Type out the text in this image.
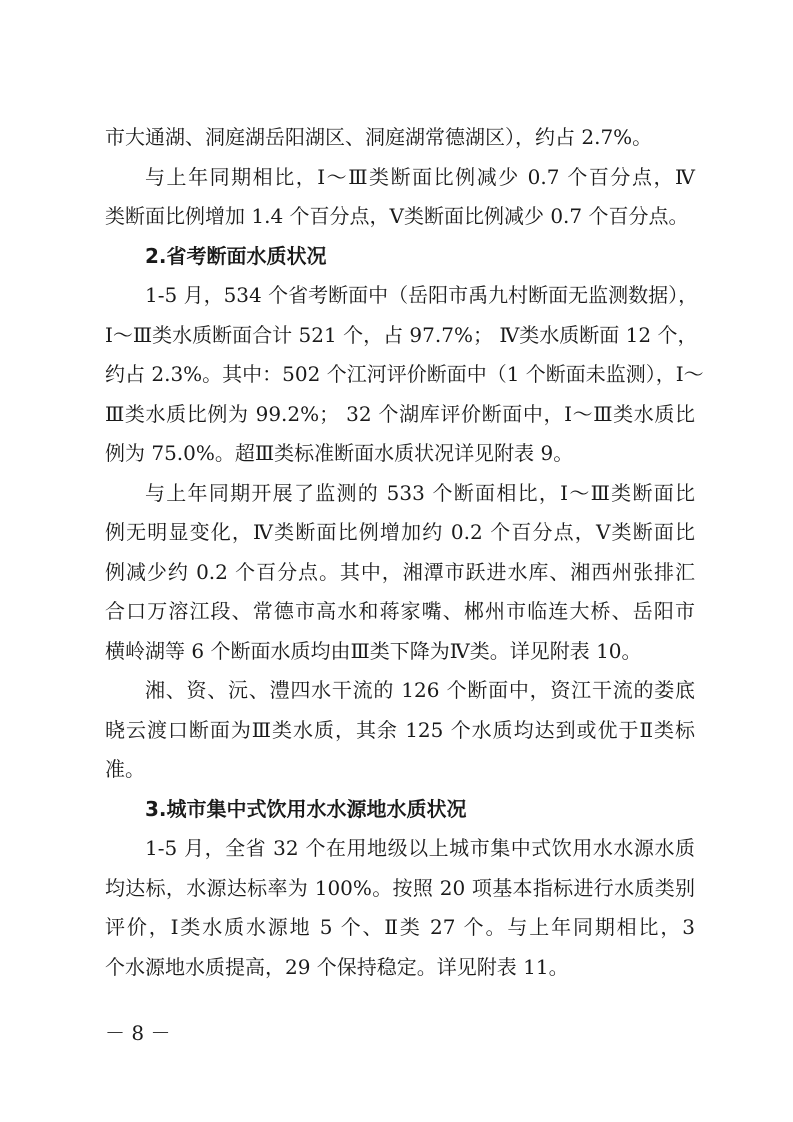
市大通湖、洞庭湖岳阳湖区、洞庭湖常德湖区），约占 2.7%。
与上年同期相比，Ⅰ～Ⅲ类断面比例减少 0.7 个百分点，Ⅳ
类断面比例增加 1.4 个百分点，Ⅴ类断面比例减少 0.7 个百分点。
2.省考断面水质状况
1-5 月，534 个省考断面中（岳阳市禹九村断面无监测数据），
Ⅰ～Ⅲ类水质断面合计 521 个，占 97.7%； Ⅳ类水质断面 12 个，
约占 2.3%。其中：502 个江河评价断面中（1 个断面未监测），Ⅰ～
Ⅲ类水质比例为 99.2%； 32 个湖库评价断面中，Ⅰ～Ⅲ类水质比
例为 75.0%。超Ⅲ类标准断面水质状况详见附表 9。
与上年同期开展了监测的 533 个断面相比，Ⅰ～Ⅲ类断面比
例无明显变化，Ⅳ类断面比例增加约 0.2 个百分点，Ⅴ类断面比
例减少约 0.2 个百分点。其中，湘潭市跃进水库、湘西州张排汇
合口万溶江段、常德市高水和蒋家嘴、郴州市临连大桥、岳阳市
横岭湖等 6 个断面水质均由Ⅲ类下降为Ⅳ类。详见附表 10。
湘、资、沅、澧四水干流的 126 个断面中，资江干流的娄底
晓云渡口断面为Ⅲ类水质，其余 125 个水质均达到或优于Ⅱ类标
准。
3.城市集中式饮用水水源地水质状况
1-5 月，全省 32 个在用地级以上城市集中式饮用水水源水质
均达标，水源达标率为 100%。按照 20 项基本指标进行水质类别
评价，Ⅰ类水质水源地 5 个、Ⅱ类 27 个。与上年同期相比，3
个水源地水质提高，29 个保持稳定。详见附表 11。
－ 8 －
